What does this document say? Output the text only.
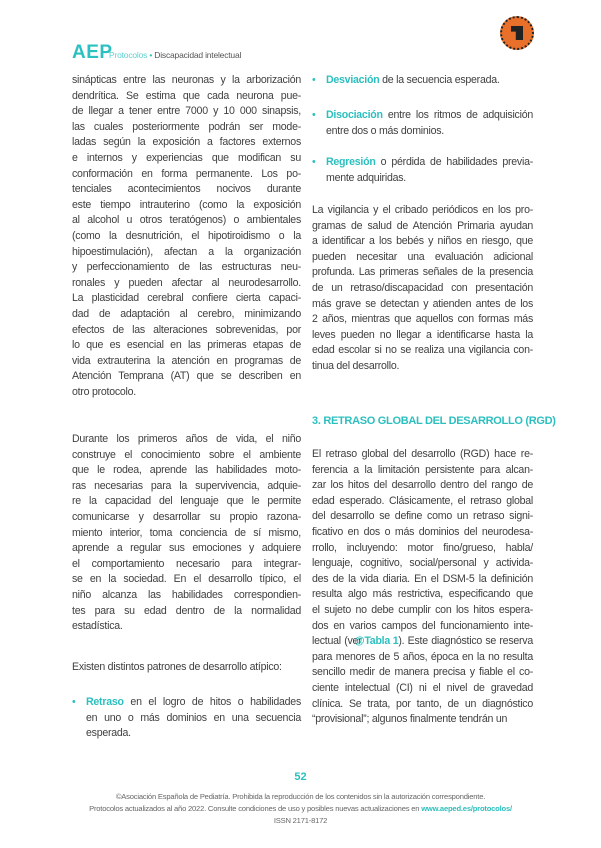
AEP
Protocolos • Discapacidad intelectual
sinápticas entre las neuronas y la arborización
dendrítica. Se estima que cada neurona pue-
de llegar a tener entre 7000 y 10 000 sinapsis,
las cuales posteriormente podrán ser mode-
ladas según la exposición a factores externos
e internos y experiencias que modifican su
conformación en forma permanente. Los po-
tenciales acontecimientos nocivos durante
este tiempo intrauterino (como la exposición
al alcohol u otros teratógenos) o ambientales
(como la desnutrición, el hipotiroidismo o la
hipoestimulación), afectan a la organización
y perfeccionamiento de las estructuras neu-
ronales y pueden afectar al neurodesarrollo.
La plasticidad cerebral confiere cierta capaci-
dad de adaptación al cerebro, minimizando
efectos de las alteraciones sobrevenidas, por
lo que es esencial en las primeras etapas de
vida extrauterina la atención en programas de
Atención Temprana (AT) que se describen en
otro protocolo.
Durante los primeros años de vida, el niño
construye el conocimiento sobre el ambiente
que le rodea, aprende las habilidades moto-
ras necesarias para la supervivencia, adquie-
re la capacidad del lenguaje que le permite
comunicarse y desarrollar su propio razona-
miento interior, toma conciencia de sí mismo,
aprende a regular sus emociones y adquiere
el comportamiento necesario para integrar-
se en la sociedad. En el desarrollo típico, el
niño alcanza las habilidades correspondien-
tes para su edad dentro de la normalidad
estadística.
Existen distintos patrones de desarrollo atípico:
• Retraso en el logro de hitos o habilidades
en uno o más dominios en una secuencia
esperada.
• Desviación de la secuencia esperada.
• Disociación entre los ritmos de adquisición
entre dos o más dominios.
• Regresión o pérdida de habilidades previa-
mente adquiridas.
La vigilancia y el cribado periódicos en los pro-
gramas de salud de Atención Primaria ayudan
a identificar a los bebés y niños en riesgo, que
pueden necesitar una evaluación adicional
profunda. Las primeras señales de la presencia
de un retraso/discapacidad con presentación
más grave se detectan y atienden antes de los
2 años, mientras que aquellos con formas más
leves pueden no llegar a identificarse hasta la
edad escolar si no se realiza una vigilancia con-
tinua del desarrollo.
3. RETRASO GLOBAL DEL DESARROLLO (RGD)
El retraso global del desarrollo (RGD) hace re-
ferencia a la limitación persistente para alcan-
zar los hitos del desarrollo dentro del rango de
edad esperado. Clásicamente, el retraso global
del desarrollo se define como un retraso signi-
ficativo en dos o más dominios del neurodesa-
rrollo, incluyendo: motor fino/grueso, habla/
lenguaje, cognitivo, social/personal y activida-
des de la vida diaria. En el DSM-5 la definición
resulta algo más restrictiva, especificando que
el sujeto no debe cumplir con los hitos espera-
dos en varios campos del funcionamiento inte-
lectual (ver @Tabla 1). Este diagnóstico se reserva
para menores de 5 años, época en la no resulta
sencillo medir de manera precisa y fiable el co-
ciente intelectual (CI) ni el nivel de gravedad
clínica. Se trata, por tanto, de un diagnóstico
“provisional”; algunos finalmente tendrán un
52
©Asociación Española de Pediatría. Prohibida la reproducción de los contenidos sin la autorización correspondiente.
Protocolos actualizados al año 2022. Consulte condiciones de uso y posibles nuevas actualizaciones en www.aeped.es/protocolos/
ISSN 2171-8172
